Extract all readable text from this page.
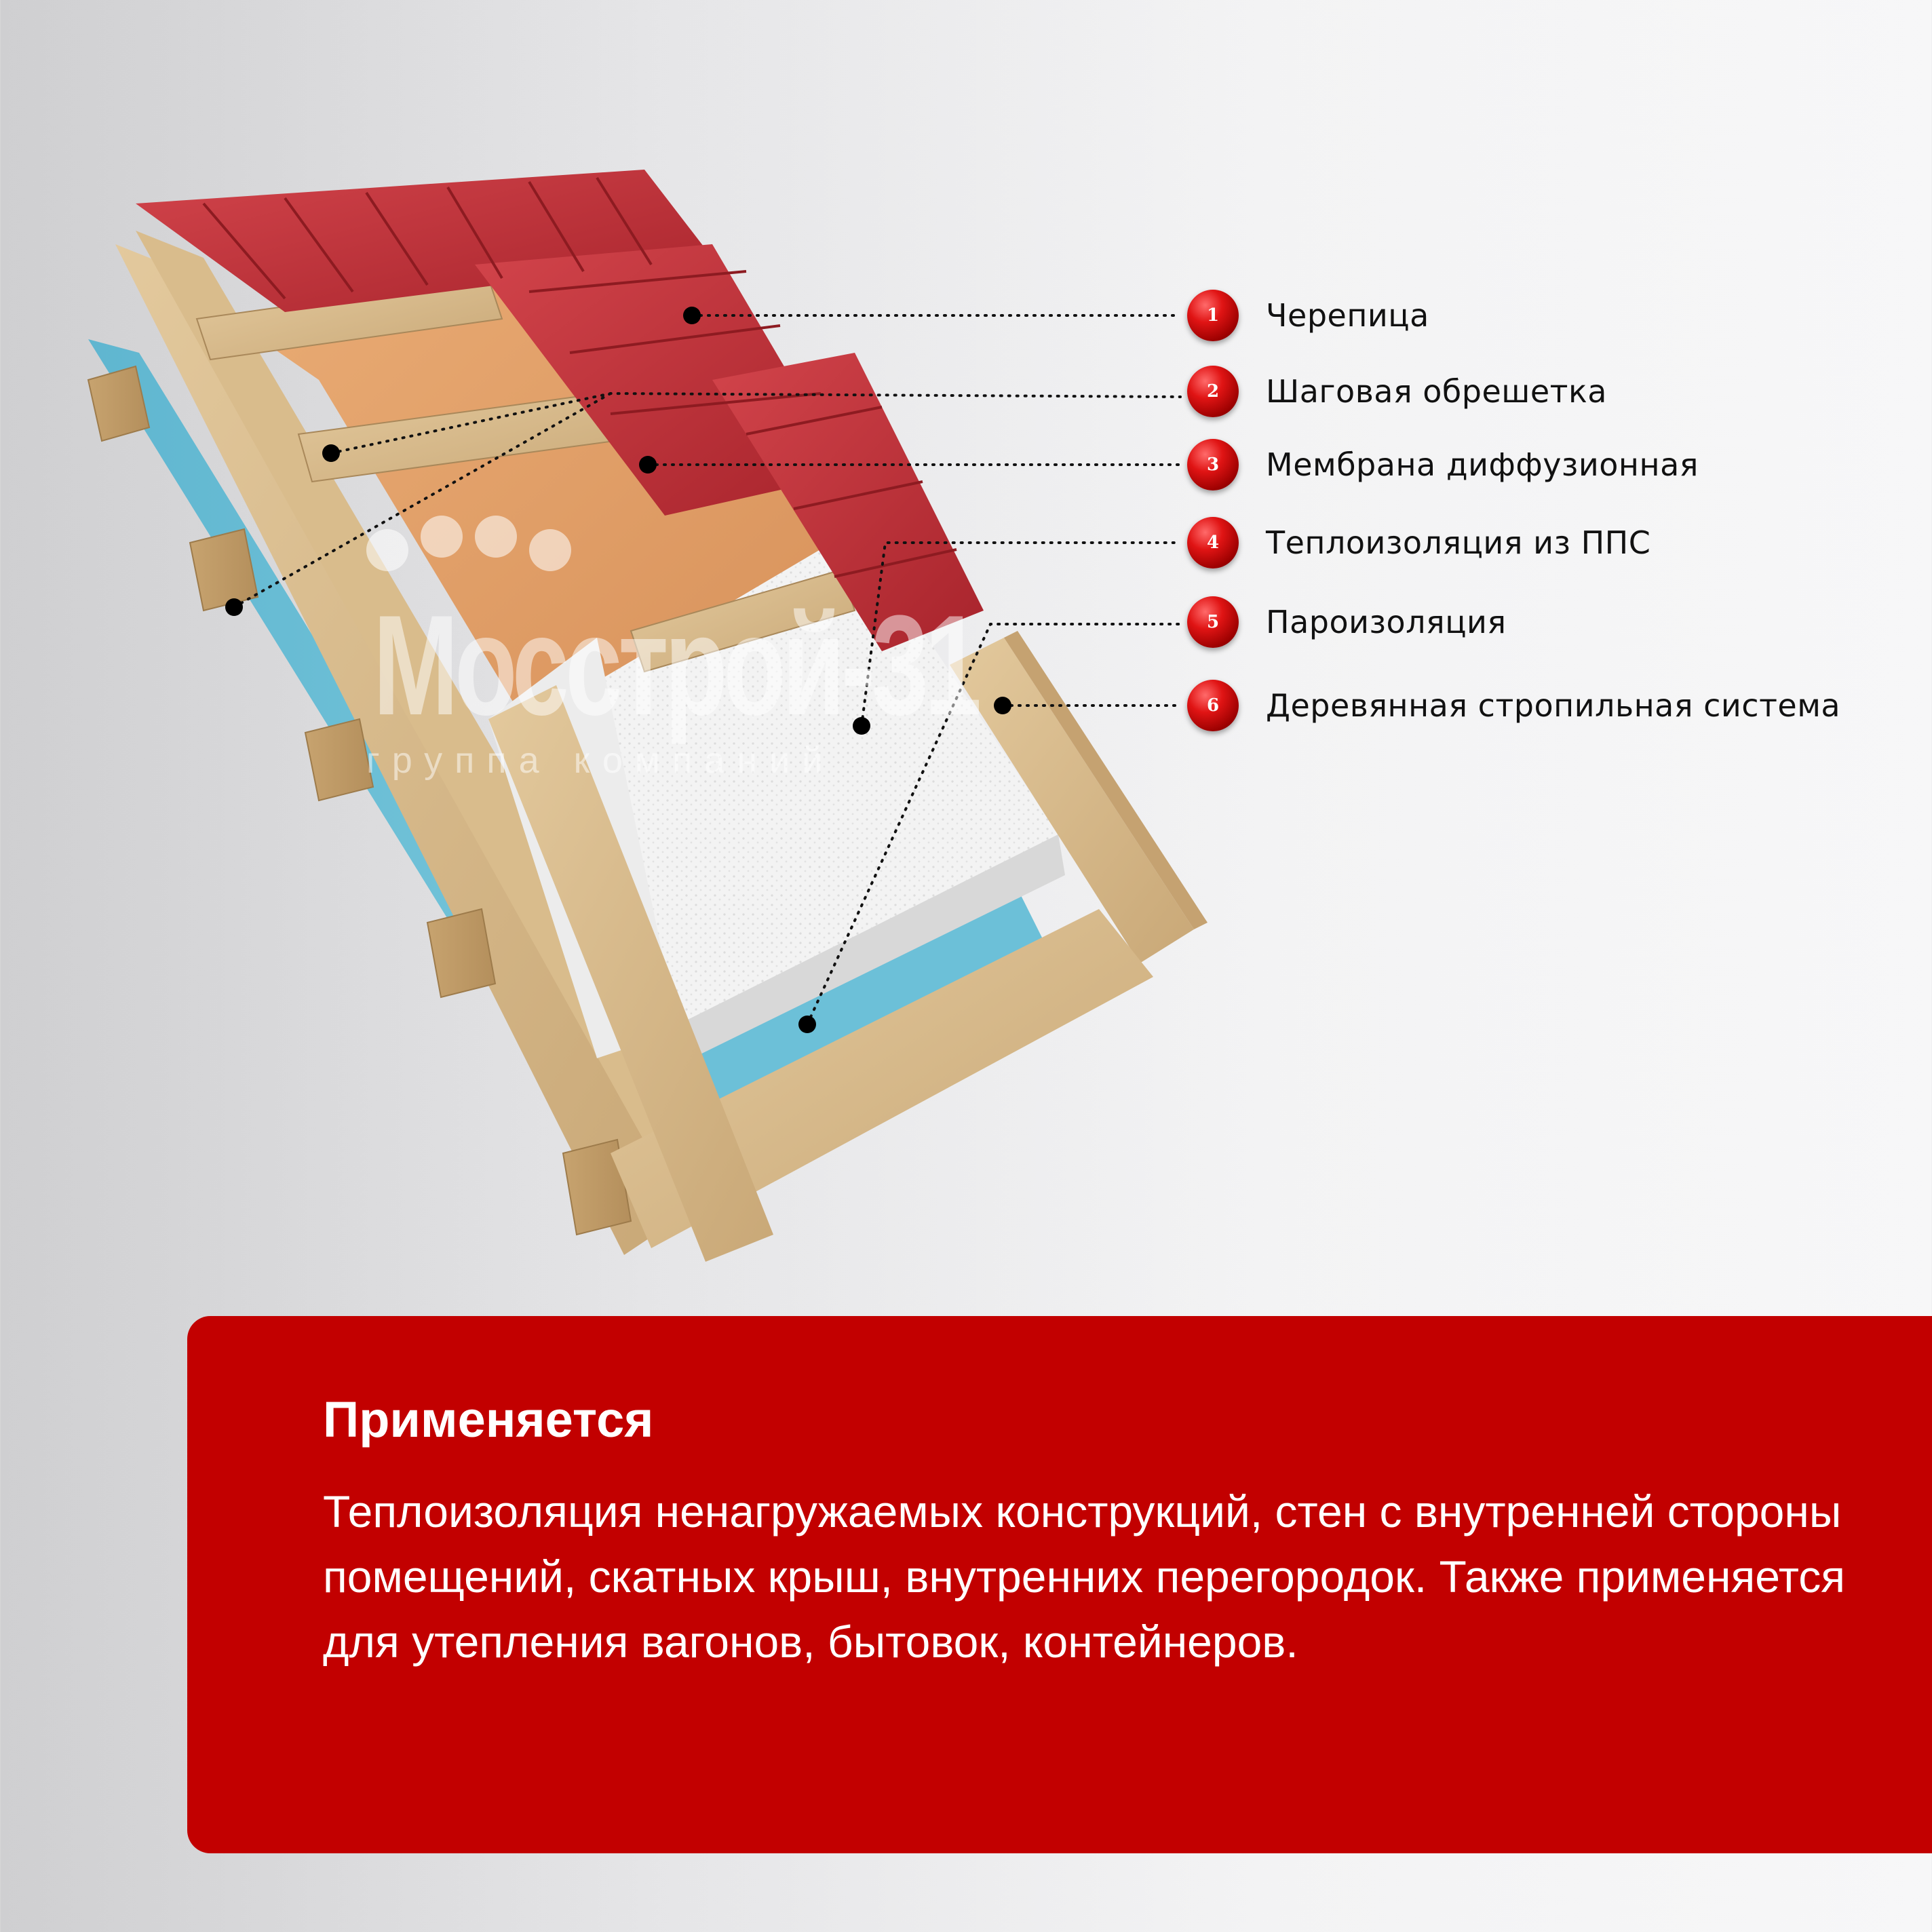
Мосстрой-31
группа компаний
1	Черепица
2	Шаговая обрешетка
3	Мембрана диффузионная
4	Теплоизоляция из ППС
5	Пароизоляция
6	Деревянная стропильная система
Применяется
Теплоизоляция ненагружаемых конструкций, стен с внутренней стороны помещений, скатных крыш, внутренних перегородок. Также применяется для утепления вагонов, бытовок, контейнеров.
